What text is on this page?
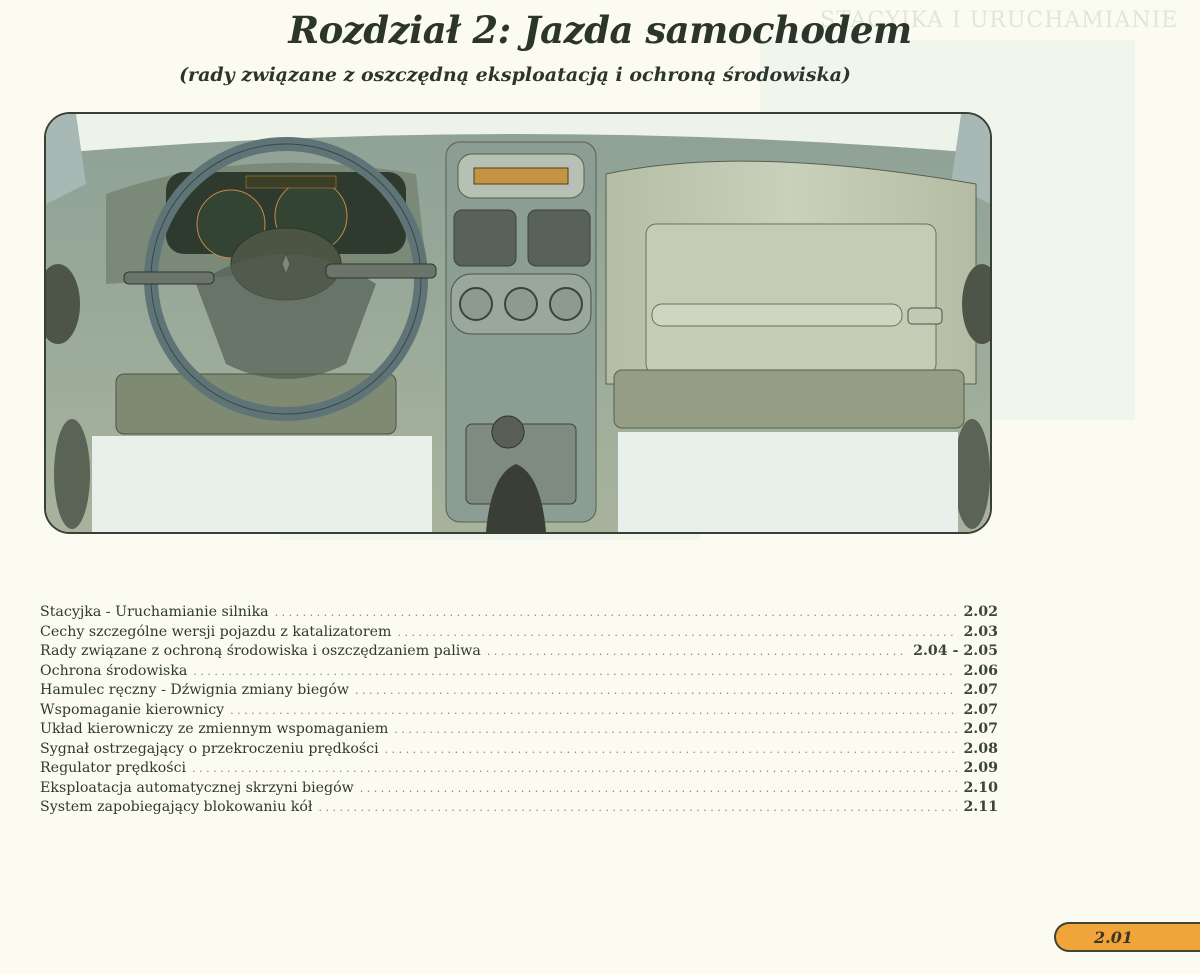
STACYJKA I URUCHAMIANIE
Rozdział 2: Jazda samochodem
(rady związane z oszczędną eksploatacją i ochroną środowiska)
Stacyjka - Uruchamianie silnika .....	2.02
Cechy szczególne wersji pojazdu z katalizatorem .....	2.03
Rady związane z ochroną środowiska i oszczędzaniem paliwa .....	2.04 - 2.05
Ochrona środowiska .....	2.06
Hamulec ręczny - Dźwignia zmiany biegów .....	2.07
Wspomaganie kierownicy .....	2.07
Układ kierowniczy ze zmiennym wspomaganiem .....	2.07
Sygnał ostrzegający o przekroczeniu prędkości .....	2.08
Regulator prędkości .....	2.09
Eksploatacja automatycznej skrzyni biegów .....	2.10
System zapobiegający blokowaniu kół .....	2.11
2.01
